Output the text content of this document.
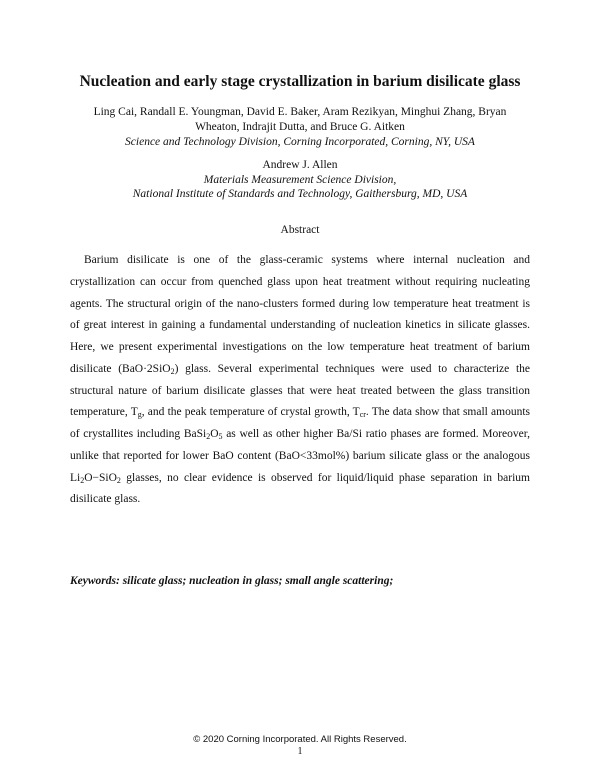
Nucleation and early stage crystallization in barium disilicate glass
Ling Cai, Randall E. Youngman, David E. Baker, Aram Rezikyan, Minghui Zhang, Bryan
Wheaton, Indrajit Dutta, and Bruce G. Aitken
Science and Technology Division, Corning Incorporated, Corning, NY, USA
Andrew J. Allen
Materials Measurement Science Division,
National Institute of Standards and Technology, Gaithersburg, MD, USA
Abstract

Barium disilicate is one of the glass-ceramic systems where internal nucleation and crystallization can occur from quenched glass upon heat treatment without requiring nucleating agents. The structural origin of the nano-clusters formed during low temperature heat treatment is of great interest in gaining a fundamental understanding of nucleation kinetics in silicate glasses. Here, we present experimental investigations on the low temperature heat treatment of barium disilicate (BaO·2SiO$_2$) glass. Several experimental techniques were used to characterize the structural nature of barium disilicate glasses that were heat treated between the glass transition temperature, $T_g$, and the peak temperature of crystal growth, $T_{cr}$. The data show that small amounts of crystallites including $BaSi_2O_5$ as well as other higher Ba/Si ratio phases are formed. Moreover, unlike that reported for lower BaO content (BaO<33mol%) barium silicate glass or the analogous $Li_2O-SiO_2$ glasses, no clear evidence is observed for liquid/liquid phase separation in barium disilicate glass.

Keywords: silicate glass; nucleation in glass; small angle scattering;
© 2020 Corning Incorporated. All Rights Reserved.
1
